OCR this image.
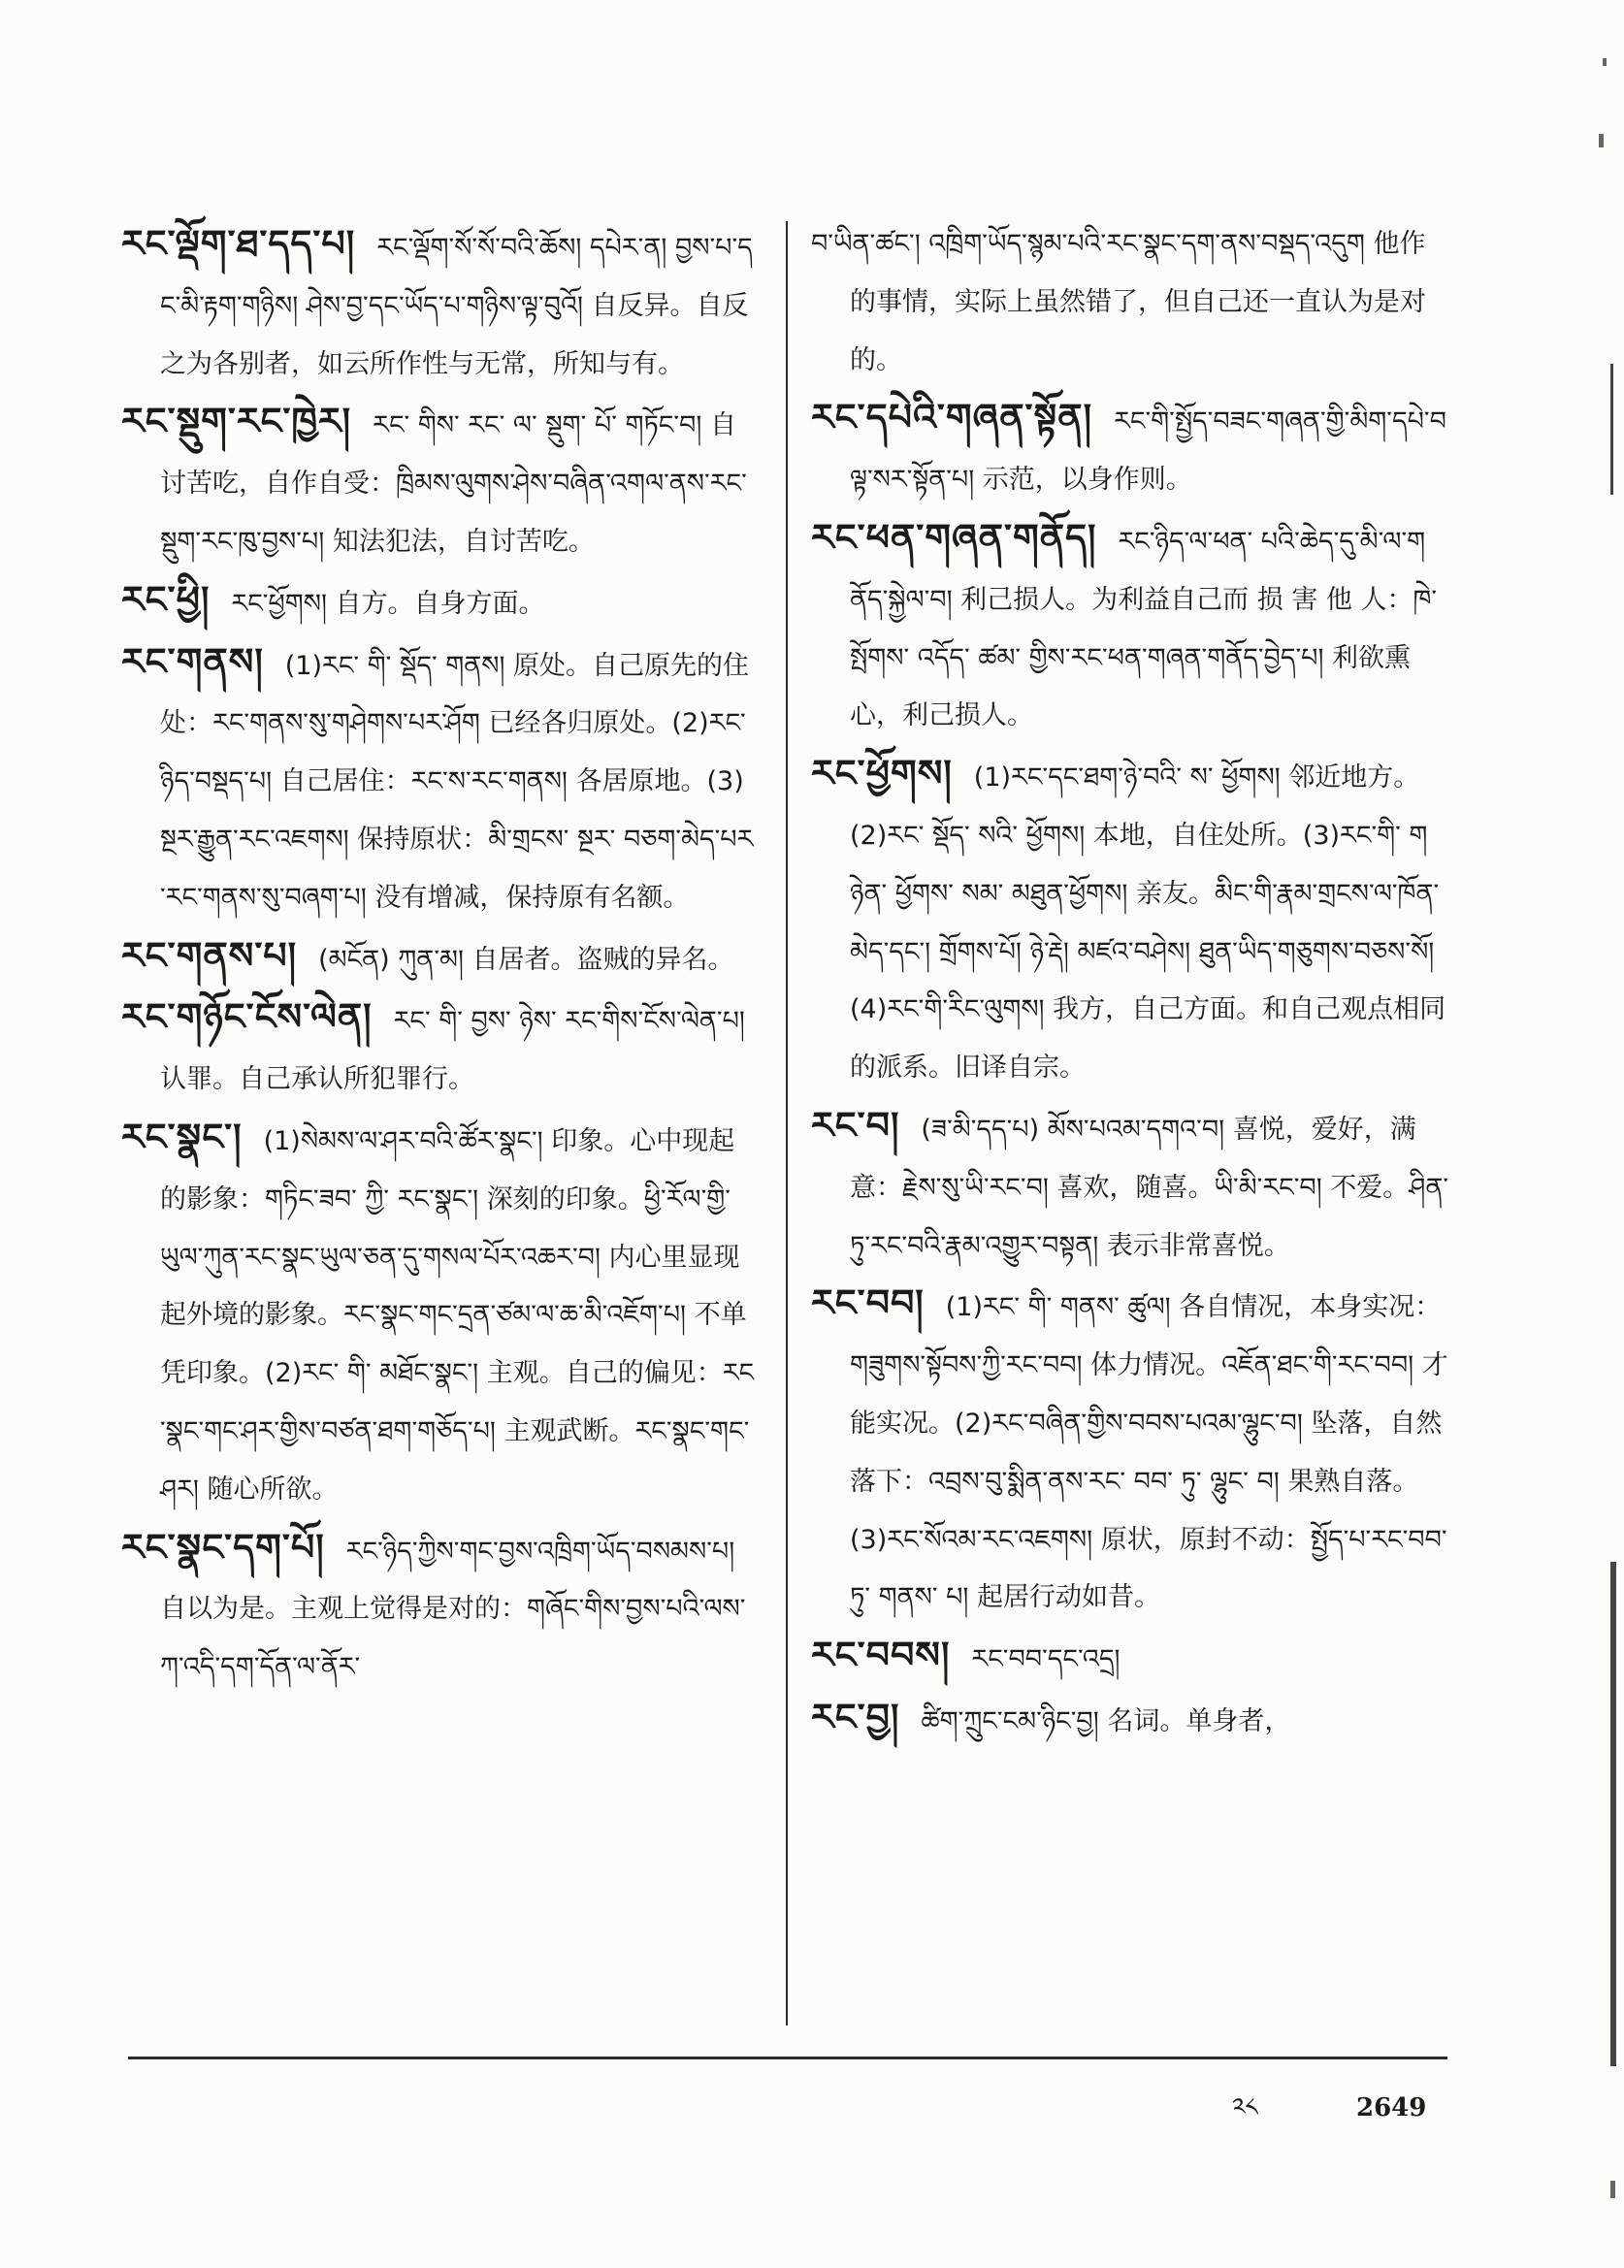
རང་ལྡོག་ཐ་དད་པ། རང་ལྡོག་སོ་སོ་བའི་ཆོས། དཔེར་ན། བྱས་པ་དང་མི་རྟག་གཉིས། ཤེས་བྱ་དང་ཡོད་པ་གཉིས་ལྟ་བུའོ། 自反异。自反之为各别者，如云所作性与无常，所知与有。

རང་སྡུག་རང་ཁྱེར། རང་ གིས་ རང་ ལ་ སྡུག་ པོ་ གཏོང་བ། 自讨苦吃，自作自受：ཁྲིམས་ལུགས་ཤེས་བཞིན་འགལ་ནས་རང་སྡུག་རང་ཁུ་བྱས་པ། 知法犯法，自讨苦吃。

རང་ཕྱི། རང་ཕྱོགས། 自方。自身方面。

རང་གནས། (1)རང་ གི་ སྡོད་ གནས། 原处。自己原先的住处：རང་གནས་སུ་གཤེགས་པར་ཤོག 已经各归原处。(2)རང་ཉིད་བསྡད་པ། 自己居住：རང་ས་རང་གནས། 各居原地。(3)སྔར་རྒྱུན་རང་འཇགས། 保持原状：མི་གྲངས་ སྔར་ བཅག་མེད་པར་རང་གནས་སུ་བཞག་པ། 没有增减，保持原有名额。

རང་གནས་པ། (མངོན) ཀུན་མ། 自居者。盗贼的异名。

རང་གཉོང་ངོས་ལེན། རང་ གི་ བྱས་ ཉེས་ རང་གིས་ངོས་ལེན་པ། 认罪。自己承认所犯罪行。

རང་སྣང་། (1)སེམས་ལ་ཤར་བའི་ཚོར་སྣང་། 印象。心中现起的影象：གཏིང་ཟབ་ ཀྱི་ རང་སྣང་། 深刻的印象。ཕྱི་རོལ་གྱི་ཡུལ་ཀུན་རང་སྣང་ཡུལ་ཅན་དུ་གསལ་པོར་འཆར་བ། 内心里显现起外境的影象。རང་སྣང་གང་དྲན་ཙམ་ལ་ཆ་མི་འཇོག་པ། 不单凭印象。(2)རང་ གི་ མཐོང་སྣང་། 主观。自己的偏见：རང་སྣང་གང་ཤར་གྱིས་བཙན་ཐག་གཅོད་པ། 主观武断。རང་སྣང་གང་ཤར། 随心所欲。

རང་སྣང་དག་པོ། རང་ཉིད་ཀྱིས་གང་བྱས་འཁྲིག་ཡོད་བསམས་པ། 自以为是。主观上觉得是对的：གཞོང་གིས་བྱས་པའི་ལས་ཀ་འདི་དག་དོན་ལ་ནོར་

བ་ཡིན་ཚང་། འཁྲིག་ཡོད་སྙམ་པའི་རང་སྣང་དག་ནས་བསྡད་འདུག 他作的事情，实际上虽然错了，但自己还一直认为是对的。

རང་དཔེའི་གཞན་སྟོན། རང་གི་སྤྱོད་བཟང་གཞན་གྱི་མིག་དཔེ་བལྟ་སར་སྟོན་པ། 示范，以身作则。

རང་ཕན་གཞན་གནོད། རང་ཉིད་ལ་ཕན་ པའི་ཆེད་དུ་མི་ལ་གནོད་སྐྱེལ་བ། 利己损人。为利益自己而 损 害 他 人：ཁེ་སྤོགས་ འདོད་ ཚམ་ གྱིས་རང་ཕན་གཞན་གནོད་བྱེད་པ། 利欲熏心，利己损人。

རང་ཕྱོགས། (1)རང་དང་ཐག་ཉེ་བའི་ ས་ ཕྱོགས། 邻近地方。(2)རང་ སྡོད་ སའི་ ཕྱོགས། 本地，自住处所。(3)རང་གི་ གཉེན་ ཕྱོགས་ སམ་ མཐུན་ཕྱོགས། 亲友。མིང་གི་རྣམ་གྲངས་ལ་ཁོན་མེད་དང་། གྲོགས་པོ། ཉེ་རྡེ། མཛའ་བཤེས། ཐུན་ཡིད་གཅུགས་བཅས་སོ། (4)རང་གི་རིང་ལུགས། 我方，自己方面。和自己观点相同的派系。旧译自宗。

རང་བ། (ཟ་མི་དད་པ) མོས་པའམ་དགའ་བ། 喜悦，爱好，满意：རྗེས་སུ་ཡི་རང་བ། 喜欢，随喜。ཡི་མི་རང་བ། 不爱。ཤིན་ཏུ་རང་བའི་རྣམ་འགྱུར་བསྟན། 表示非常喜悦。

རང་བབ། (1)རང་ གི་ གནས་ ཚུལ། 各自情况，本身实况：གཟུགས་སྟོབས་ཀྱི་རང་བབ། 体力情况。འཇོན་ཐང་གི་རང་བབ། 才能实况。(2)རང་བཞིན་གྱིས་བབས་པའམ་ལྷུང་བ། 坠落，自然落下：འབྲས་བུ་སྨིན་ནས་རང་ བབ་ ཏུ་ ལྷུང་ བ། 果熟自落。(3)རང་སོའམ་རང་འཇགས། 原状，原封不动：སྤྱོད་པ་རང་བབ་ ཏུ་ གནས་ པ། 起居行动如昔。

རང་བབས། རང་བབ་དང་འདྲ།

རང་བྱ། ཚིག་ཀྲུང་ངམ་ཉིང་བྱ། 名词。单身者，

༢༨	2649
